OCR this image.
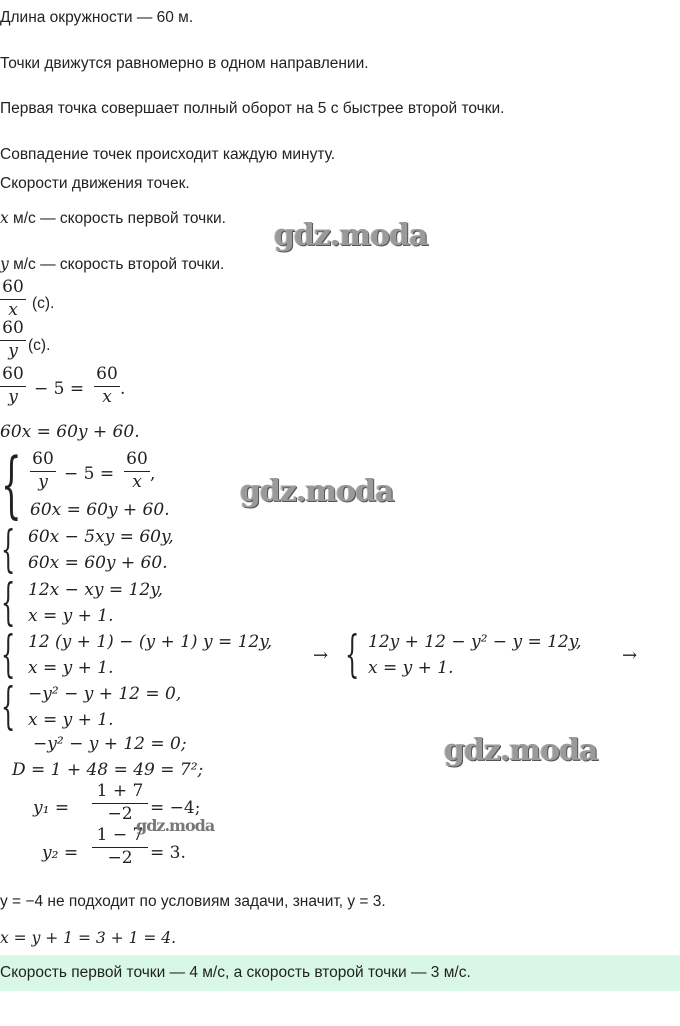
Длина окружности — 60 м.
Точки движутся равномерно в одном направлении.
Первая точка совершает полный оборот на 5 с быстрее второй точки.
Совпадение точек происходит каждую минуту.
Скорости движения точек.
x м/с — скорость первой точки.
y м/с — скорость второй точки.
60
x (с).
60
y (с).
60
y − 5 =
60
x .
60x = 60y + 60.
{ 60
y − 5 =
60
x ,
60x = 60y + 60.
{ 60x − 5xy = 60y,
60x = 60y + 60.
{ 12x − xy = 12y,
x = y + 1.
{ 12 (y + 1) − (y + 1) y = 12y,
x = y + 1.
→ { 12y + 12 − y² − y = 12y,
x = y + 1.
→
{ −y² − y + 12 = 0,
x = y + 1.
−y² − y + 12 = 0;
D = 1 + 48 = 49 = 7²;
y₁ =
1 + 7
−2	= −4;
y₂ =
1 − 7
−2	= 3.
y = −4 не подходит по условиям задачи, значит, y = 3.
x = y + 1 = 3 + 1 = 4.
Скорость первой точки — 4 м/с, а скорость второй точки — 3 м/с.
gdz.moda
gdz.moda
gdz.moda
gdz.moda
